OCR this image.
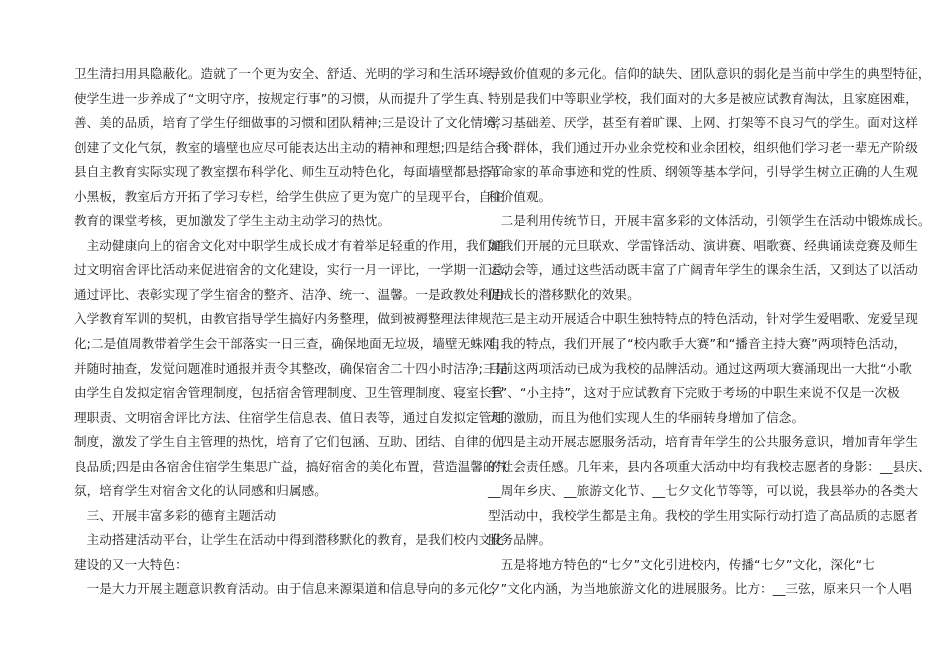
卫生清扫用具隐蔽化。造就了一个更为安全、舒适、光明的学习和生活环境，
使学生进一步养成了“文明守序，按规定行事”的习惯，从而提升了学生真、
善、美的品质，培育了学生仔细做事的习惯和团队精神;三是设计了文化情境，
创建了文化气氛，教室的墙壁也应尽可能表达出主动的精神和理想;四是结合我
县自主教育实际实现了教室摆布科学化、师生互动特色化，每面墙壁都悬搭了
小黑板，教室后方开拓了学习专栏，给学生供应了更为宽广的呈现平台，自主
教育的课堂考核，更加激发了学生主动主动学习的热忱。
　主动健康向上的宿舍文化对中职学生成长成才有着举足轻重的作用，我们通
过文明宿舍评比活动来促进宿舍的文化建设，实行一月一评比，一学期一汇总，
通过评比、表彰实现了学生宿舍的整齐、洁净、统一、温馨。一是政教处利用
入学教育军训的契机，由教官指导学生搞好内务整理，做到被褥整理法律规范
化;二是值周教带着学生会干部落实一日三查，确保地面无垃圾，墙壁无蛛网，
并随时抽查，发觉问题准时通报并责令其整改，确保宿舍二十四小时洁净;三是
由学生自发拟定宿舍管理制度，包括宿舍管理制度、卫生管理制度、寝室长管
理职责、文明宿舍评比方法、住宿学生信息表、值日表等，通过自发拟定管理
制度，激发了学生自主管理的热忱，培育了它们包涵、互助、团结、自律的优
良品质;四是由各宿舍住宿学生集思广益，搞好宿舍的美化布置，营造温馨的气
氛，培育学生对宿舍文化的认同感和归属感。
　三、开展丰富多彩的德育主题活动
　主动搭建活动平台，让学生在活动中得到潜移默化的教育，是我们校内文化
建设的又一大特色：
　一是大力开展主题意识教育活动。由于信息来源渠道和信息导向的多元化，
导致价值观的多元化。信仰的缺失、团队意识的弱化是当前中学生的典型特征，
特别是我们中等职业学校，我们面对的大多是被应试教育淘汰，且家庭困难，
学习基础差、厌学，甚至有着旷课、上网、打架等不良习气的学生。面对这样
一个群体，我们通过开办业余党校和业余团校，组织他们学习老一辈无产阶级
革命家的革命事迹和党的性质、纲领等基本学问，引导学生树立正确的人生观
和价值观。
　二是利用传统节日，开展丰富多彩的文体活动，引领学生在活动中锻炼成长。
如我们开展的元旦联欢、学雷锋活动、演讲赛、唱歌赛、经典诵读竞赛及师生
运动会等，通过这些活动既丰富了广阔青年学生的课余生活，又到达了以活动
促成长的潜移默化的效果。
　三是主动开展适合中职生独特特点的特色活动，针对学生爱唱歌、宠爱呈现
自我的特点，我们开展了“校内歌手大赛”和“播音主持大赛”两项特色活动，
目前这两项活动已成为我校的品牌活动。通过这两项大赛涌现出一大批“小歌
手”、“小主持”，这对于应试教育下完败于考场的中职生来说不仅是一次极
大的激励，而且为他们实现人生的华丽转身增加了信念。
　四是主动开展志愿服务活动，培育青年学生的公共服务意识，增加青年学生
的社会责任感。几年来，县内各项重大活动中均有我校志愿者的身影：__县庆、
__周年乡庆、__旅游文化节、__七夕文化节等等，可以说，我县举办的各类大
型活动中，我校学生都是主角。我校的学生用实际行动打造了高品质的志愿者
服务品牌。
　五是将地方特色的“七夕”文化引进校内，传播“七夕”文化，深化“七
夕”文化内涵，为当地旅游文化的进展服务。比方：__三弦，原来只一个人唱
